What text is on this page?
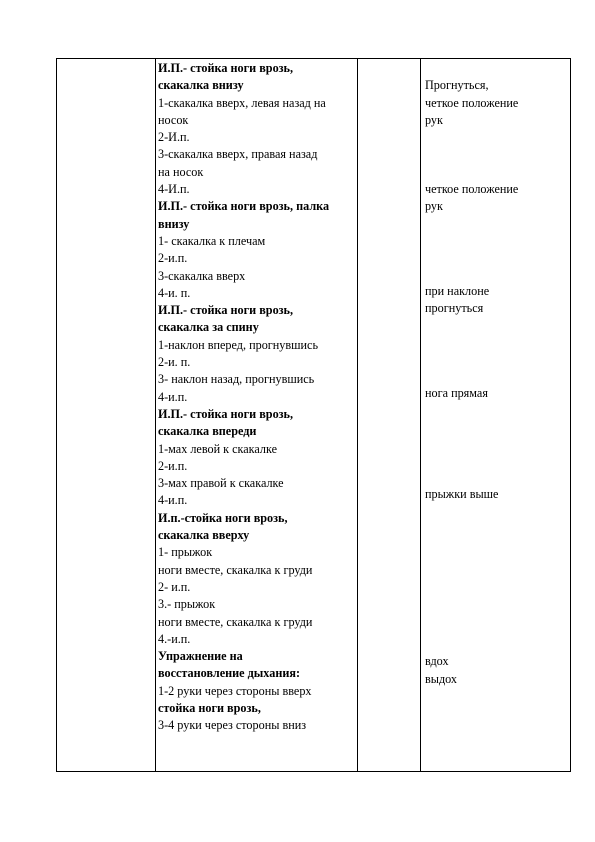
И.П.- стойка ноги врозь,
скакалка внизу
1-скакалка вверх, левая назад на
носок
2-И.п.
3-скакалка вверх, правая назад
на носок
4-И.п.
И.П.- стойка ноги врозь, палка
внизу
1- скакалка к плечам
2-и.п.
3-скакалка вверх
4-и. п.
И.П.- стойка ноги врозь,
скакалка за спину
1-наклон вперед, прогнувшись
2-и. п.
3- наклон назад, прогнувшись
4-и.п.
И.П.- стойка ноги врозь,
скакалка впереди
1-мах левой к скакалке
2-и.п.
3-мах правой к скакалке
4-и.п.
И.п.-стойка ноги врозь,
скакалка вверху
1- прыжок
ноги вместе, скакалка к груди
2- и.п.
3.- прыжок
ноги вместе, скакалка к груди
4.-и.п.
Упражнение на
восстановление дыхания:
1-2 руки через стороны вверх
стойка ноги врозь,
3-4 руки через стороны вниз
Прогнуться,
четкое положение
рук
четкое положение
рук
при наклоне
прогнуться
нога прямая
прыжки выше
вдох
выдох
